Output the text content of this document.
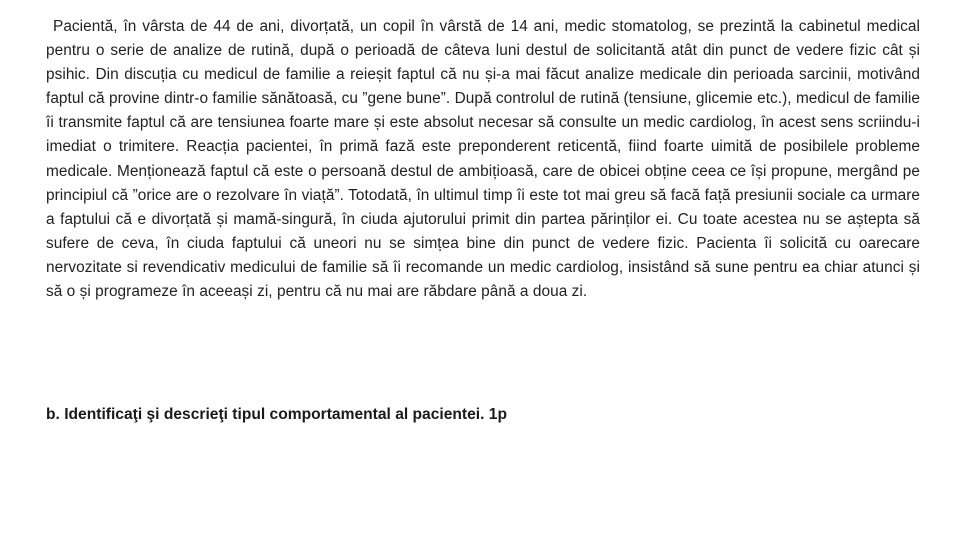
Pacientă, în vârsta de 44 de ani, divorțată, un copil în vârstă de 14 ani, medic stomatolog, se prezintă la cabinetul medical pentru o serie de analize de rutină, după o perioadă de câteva luni destul de solicitantă atât din punct de vedere fizic cât și psihic. Din discuția cu medicul de familie a reieșit faptul că nu și-a mai făcut analize medicale din perioada sarcinii, motivând faptul că provine dintr-o familie sănătoasă, cu ”gene bune”. După controlul de rutină (tensiune, glicemie etc.), medicul de familie îi transmite faptul că are tensiunea foarte mare și este absolut necesar să consulte un medic cardiolog, în acest sens scriindu-i imediat o trimitere. Reacția pacientei, în primă fază este preponderent reticentă, fiind foarte uimită de posibilele probleme medicale. Menționează faptul că este o persoană destul de ambițioasă, care de obicei obține ceea ce își propune, mergând pe principiul că ”orice are o rezolvare în viață”. Totodată, în ultimul timp îi este tot mai greu să facă față presiunii sociale ca urmare a faptului că e divorțată și mamă-singură, în ciuda ajutorului primit din partea părinților ei. Cu toate acestea nu se aștepta să sufere de ceva, în ciuda faptului că uneori nu se simțea bine din punct de vedere fizic. Pacienta îi solicită cu oarecare nervozitate si revendicativ medicului de familie să îi recomande un medic cardiolog, insistând să sune pentru ea chiar atunci și să o și programeze în aceeași zi, pentru că nu mai are răbdare până a doua zi.

b. Identificaţi şi descrieţi tipul comportamental al pacientei. 1p
